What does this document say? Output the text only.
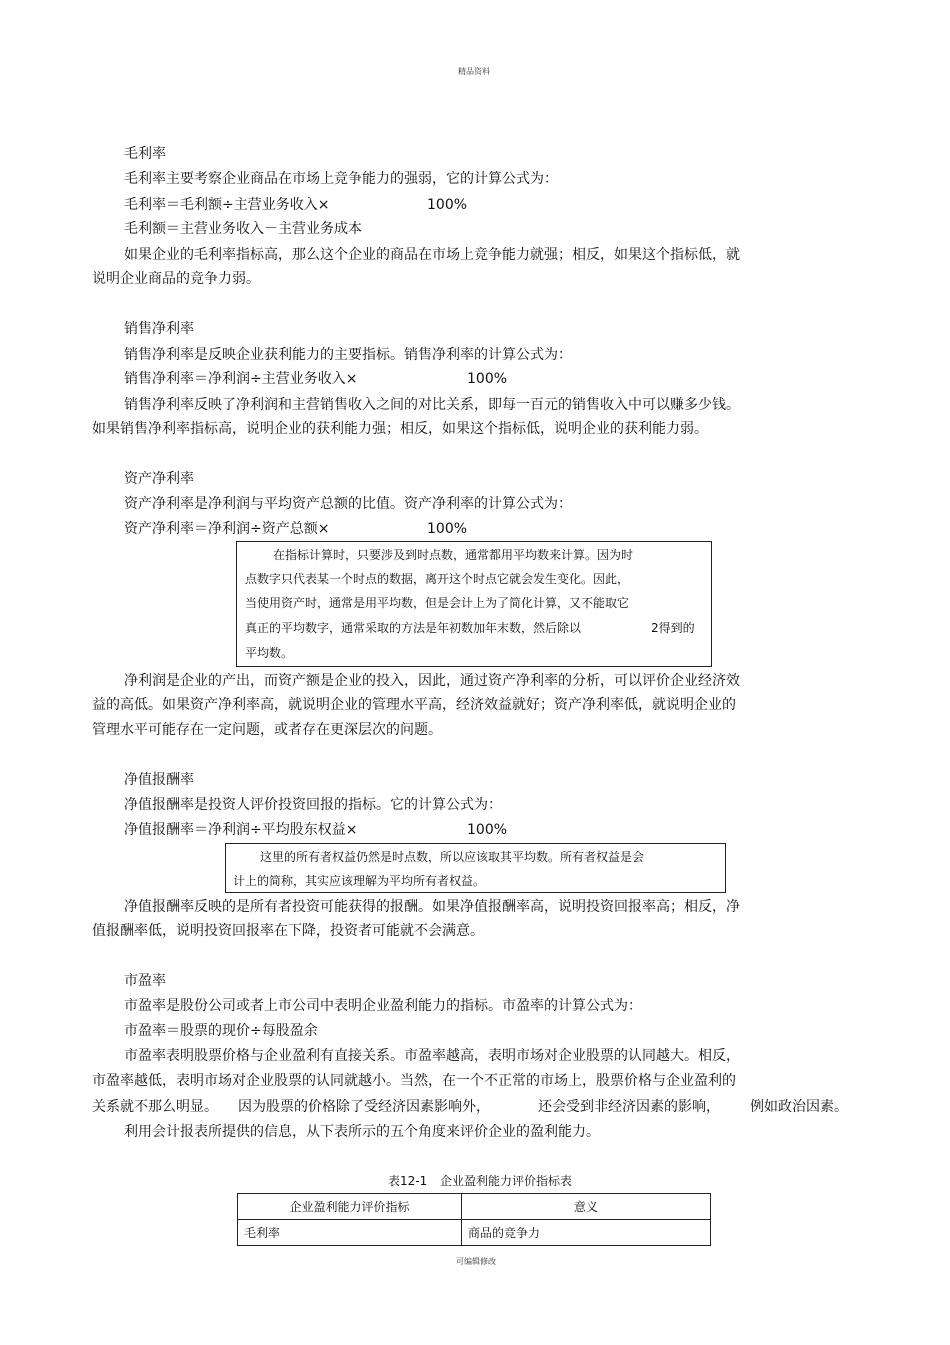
精品资料
毛利率
毛利率主要考察企业商品在市场上竞争能力的强弱，它的计算公式为：
毛利率＝毛利额÷主营业务收入×	100%
毛利额＝主营业务收入－主营业务成本
如果企业的毛利率指标高，那么这个企业的商品在市场上竞争能力就强；相反，如果这个指标低，就
说明企业商品的竞争力弱。
销售净利率
销售净利率是反映企业获利能力的主要指标。销售净利率的计算公式为：
销售净利率＝净利润÷主营业务收入×	100%
销售净利率反映了净利润和主营销售收入之间的对比关系，即每一百元的销售收入中可以赚多少钱。
如果销售净利率指标高，说明企业的获利能力强；相反，如果这个指标低，说明企业的获利能力弱。
资产净利率
资产净利率是净利润与平均资产总额的比值。资产净利率的计算公式为：
资产净利率＝净利润÷资产总额×	100%
在指标计算时，只要涉及到时点数，通常都用平均数来计算。因为时
点数字只代表某一个时点的数据，离开这个时点它就会发生变化。因此，
当使用资产时，通常是用平均数，但是会计上为了简化计算，又不能取它
真正的平均数字，通常采取的方法是年初数加年末数，然后除以	2得到的
平均数。
净利润是企业的产出，而资产额是企业的投入，因此，通过资产净利率的分析，可以评价企业经济效
益的高低。如果资产净利率高，就说明企业的管理水平高，经济效益就好；资产净利率低，就说明企业的
管理水平可能存在一定问题，或者存在更深层次的问题。
净值报酬率
净值报酬率是投资人评价投资回报的指标。它的计算公式为：
净值报酬率＝净利润÷平均股东权益×	100%
这里的所有者权益仍然是时点数，所以应该取其平均数。所有者权益是会
计上的简称，其实应该理解为平均所有者权益。
净值报酬率反映的是所有者投资可能获得的报酬。如果净值报酬率高，说明投资回报率高；相反，净
值报酬率低，说明投资回报率在下降，投资者可能就不会满意。
市盈率
市盈率是股份公司或者上市公司中表明企业盈利能力的指标。市盈率的计算公式为：
市盈率＝股票的现价÷每股盈余
市盈率表明股票价格与企业盈利有直接关系。市盈率越高，表明市场对企业股票的认同越大。相反，
市盈率越低，表明市场对企业股票的认同就越小。当然，在一个不正常的市场上，股票价格与企业盈利的
关系就不那么明显。 因为股票的价格除了受经济因素影响外，	还会受到非经济因素的影响， 例如政治因素。
利用会计报表所提供的信息，从下表所示的五个角度来评价企业的盈利能力。
表12-1 企业盈利能力评价指标表
企业盈利能力评价指标	意义
毛利率	商品的竞争力
可编辑修改
